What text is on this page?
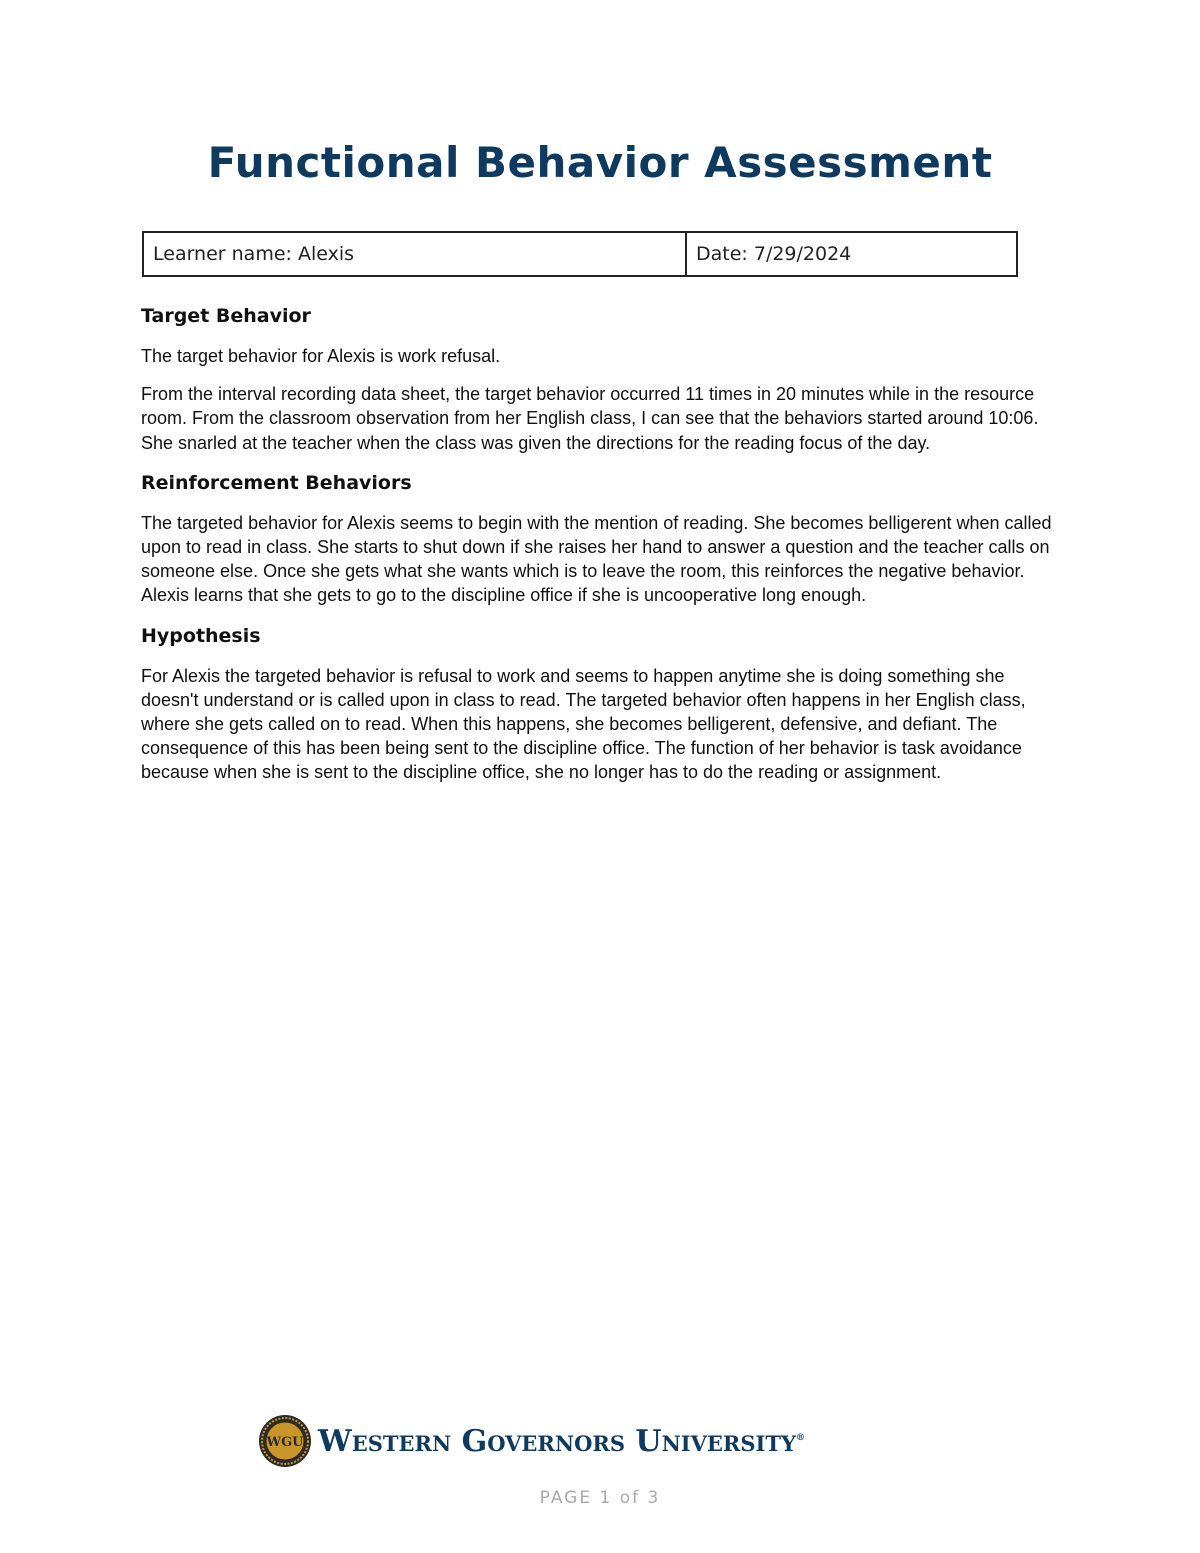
Functional Behavior Assessment
Learner name: Alexis	Date: 7/29/2024
Target Behavior

The target behavior for Alexis is work refusal.

From the interval recording data sheet, the target behavior occurred 11 times in 20 minutes while in the resource room. From the classroom observation from her English class, I can see that the behaviors started around 10:06. She snarled at the teacher when the class was given the directions for the reading focus of the day.

Reinforcement Behaviors

The targeted behavior for Alexis seems to begin with the mention of reading. She becomes belligerent when called upon to read in class. She starts to shut down if she raises her hand to answer a question and the teacher calls on someone else. Once she gets what she wants which is to leave the room, this reinforces the negative behavior. Alexis learns that she gets to go to the discipline office if she is uncooperative long enough.

Hypothesis

For Alexis the targeted behavior is refusal to work and seems to happen anytime she is doing something she doesn't understand or is called upon in class to read. The targeted behavior often happens in her English class, where she gets called on to read. When this happens, she becomes belligerent, defensive, and defiant. The consequence of this has been being sent to the discipline office. The function of her behavior is task avoidance because when she is sent to the discipline office, she no longer has to do the reading or assignment.

WGU Western Governors University®
PAGE 1 of 3
